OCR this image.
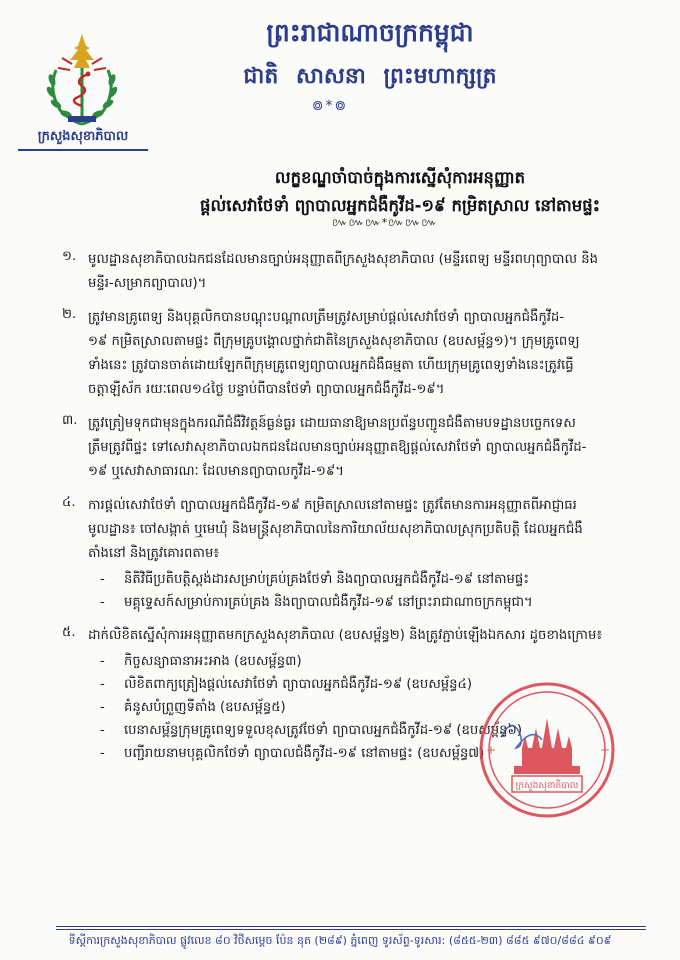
ក្រសួងសុខាភិបាល
ព្រះរាជាណាចក្រកម្ពុជា
ជាតិ សាសនា ព្រះមហាក្សត្រ
៙*៙
លក្ខខណ្ឌចាំបាច់ក្នុងការស្នើសុំការអនុញ្ញាត
ផ្តល់សេវាថែទាំ ព្យាបាលអ្នកជំងឺកូវីដ-១៩ កម្រិតស្រាល នៅតាមផ្ទះ
៚៚៚*៚៚៚
១. មូលដ្ឋានសុខាភិបាលឯកជនដែលមានច្បាប់អនុញ្ញាតពីក្រសួងសុខាភិបាល (មន្ទីរពេទ្យ មន្ទីរពហុព្យាបាល និង
មន្ទីរ-សម្រាកព្យាបាល)។
២. ត្រូវមានគ្រូពេទ្យ និងបុគ្គលិកបានបណ្ដុះបណ្ដាលត្រឹមត្រូវសម្រាប់ផ្តល់សេវាថែទាំ ព្យាបាលអ្នកជំងឺកូវីដ-
១៩ កម្រិតស្រាលតាមផ្ទះ ពីក្រុមគ្រូបង្គោលថ្នាក់ជាតិនៃក្រសួងសុខាភិបាល (ឧបសម្ព័ន្ធ១)។ ក្រុមគ្រូពេទ្យ
ទាំងនេះ ត្រូវបានចាត់ដោយឡែកពីក្រុមគ្រូពេទ្យព្យាបាលអ្នកជំងឺធម្មតា ហើយក្រុមគ្រូពេទ្យទាំងនេះត្រូវធ្វើ
ចត្តាឡីស័ក រយៈពេល១៤ថ្ងៃ បន្ទាប់ពីបានថែទាំ ព្យាបាលអ្នកជំងឺកូវីដ-១៩។
៣. ត្រូវត្រៀមទុកជាមុនក្នុងករណីជំងឺវិវត្តន៍ធ្ងន់ធ្ងរ ដោយធានាឱ្យមានប្រព័ន្ធបញ្ជូនជំងឺតាមបទដ្ឋានបច្ចេកទេស
ត្រឹមត្រូវពីផ្ទះ ទៅសេវាសុខាភិបាលឯកជនដែលមានច្បាប់អនុញ្ញាតឱ្យផ្តល់សេវាថែទាំ ព្យាបាលអ្នកជំងឺកូវីដ-
១៩ ឬសេវាសាធារណៈ ដែលមានព្យាបាលកូវីដ-១៩។
៤. ការផ្តល់សេវាថែទាំ ព្យាបាលអ្នកជំងឺកូវីដ-១៩ កម្រិតស្រាលនៅតាមផ្ទះ ត្រូវតែមានការអនុញ្ញាតពីអាជ្ញាធរ
មូលដ្ឋាន៖ ចៅសង្កាត់ ឬមេឃុំ និងមន្ត្រីសុខាភិបាលនៃការិយាល័យសុខាភិបាលស្រុកប្រតិបត្តិ ដែលអ្នកជំងឺ
តាំងនៅ និងត្រូវគោរពតាម៖
- និតិវិធីប្រតិបត្តិស្តង់ដារសម្រាប់គ្រប់គ្រងថែទាំ និងព្យាបាលអ្នកជំងឺកូវីដ-១៩ នៅតាមផ្ទះ
- មគ្គុទ្ទេសក៍សម្រាប់ការគ្រប់គ្រង និងព្យាបាលជំងឺកូវីដ-១៩ នៅព្រះរាជាណាចក្រកម្ពុជា។
៥. ដាក់លិខិតស្នើសុំការអនុញ្ញាតមកក្រសួងសុខាភិបាល (ឧបសម្ព័ន្ធ២) និងត្រូវភ្ជាប់ឡើងឯកសារ ដូចខាងក្រោម៖
- កិច្ចសន្យាធានាអះអាង (ឧបសម្ព័ន្ធ៣)
- លិខិតពាក្យត្រៀងផ្តល់សេវាថែទាំ ព្យាបាលអ្នកជំងឺកូវីដ-១៩ (ឧបសម្ព័ន្ធ៤)
- គំនូសបំព្រួញទីតាំង (ឧបសម្ព័ន្ធ៥)
- បេនាសម្ព័ន្ធក្រុមគ្រូពេទ្យទទួលខុសត្រូវថែទាំ ព្យាបាលអ្នកជំងឺកូវីដ-១៩ (ឧបសម្ព័ន្ធ៦)
- បញ្ជីរាយនាមបុគ្គលិកថែទាំ ព្យាបាលជំងឺកូវីដ-១៩ នៅតាមផ្ទះ (ឧបសម្ព័ន្ធ៧)
ក្រសួងសុខាភិបាល
+	+
ទីស្តីការក្រសួងសុខាភិបាល ផ្លូវលេខ ៨០ វិថីសម្តេច ប៉ែន នុត (២៨៩) ភ្នំពេញ ទូរស័ព្ទ-ទូរសារ: (៨៥៥-២៣) ៨៨៥ ៩៧០/៨៨៤ ៩០៩
